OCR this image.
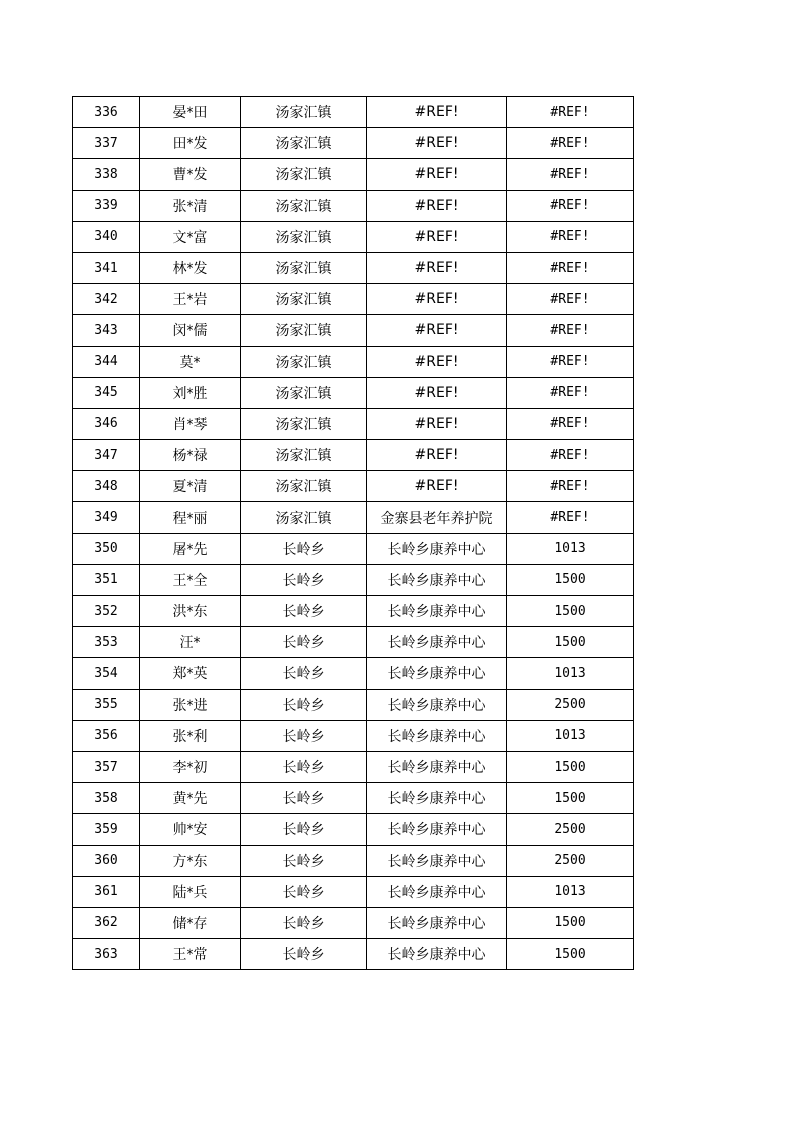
336	晏*田	汤家汇镇	#REF!	#REF!
337	田*发	汤家汇镇	#REF!	#REF!
338	曹*发	汤家汇镇	#REF!	#REF!
339	张*清	汤家汇镇	#REF!	#REF!
340	文*富	汤家汇镇	#REF!	#REF!
341	林*发	汤家汇镇	#REF!	#REF!
342	王*岩	汤家汇镇	#REF!	#REF!
343	闵*儒	汤家汇镇	#REF!	#REF!
344	莫*	汤家汇镇	#REF!	#REF!
345	刘*胜	汤家汇镇	#REF!	#REF!
346	肖*琴	汤家汇镇	#REF!	#REF!
347	杨*禄	汤家汇镇	#REF!	#REF!
348	夏*清	汤家汇镇	#REF!	#REF!
349	程*丽	汤家汇镇	金寨县老年养护院	#REF!
350	屠*先	长岭乡	长岭乡康养中心	1013
351	王*全	长岭乡	长岭乡康养中心	1500
352	洪*东	长岭乡	长岭乡康养中心	1500
353	汪*	长岭乡	长岭乡康养中心	1500
354	郑*英	长岭乡	长岭乡康养中心	1013
355	张*进	长岭乡	长岭乡康养中心	2500
356	张*利	长岭乡	长岭乡康养中心	1013
357	李*初	长岭乡	长岭乡康养中心	1500
358	黄*先	长岭乡	长岭乡康养中心	1500
359	帅*安	长岭乡	长岭乡康养中心	2500
360	方*东	长岭乡	长岭乡康养中心	2500
361	陆*兵	长岭乡	长岭乡康养中心	1013
362	储*存	长岭乡	长岭乡康养中心	1500
363	王*常	长岭乡	长岭乡康养中心	1500
